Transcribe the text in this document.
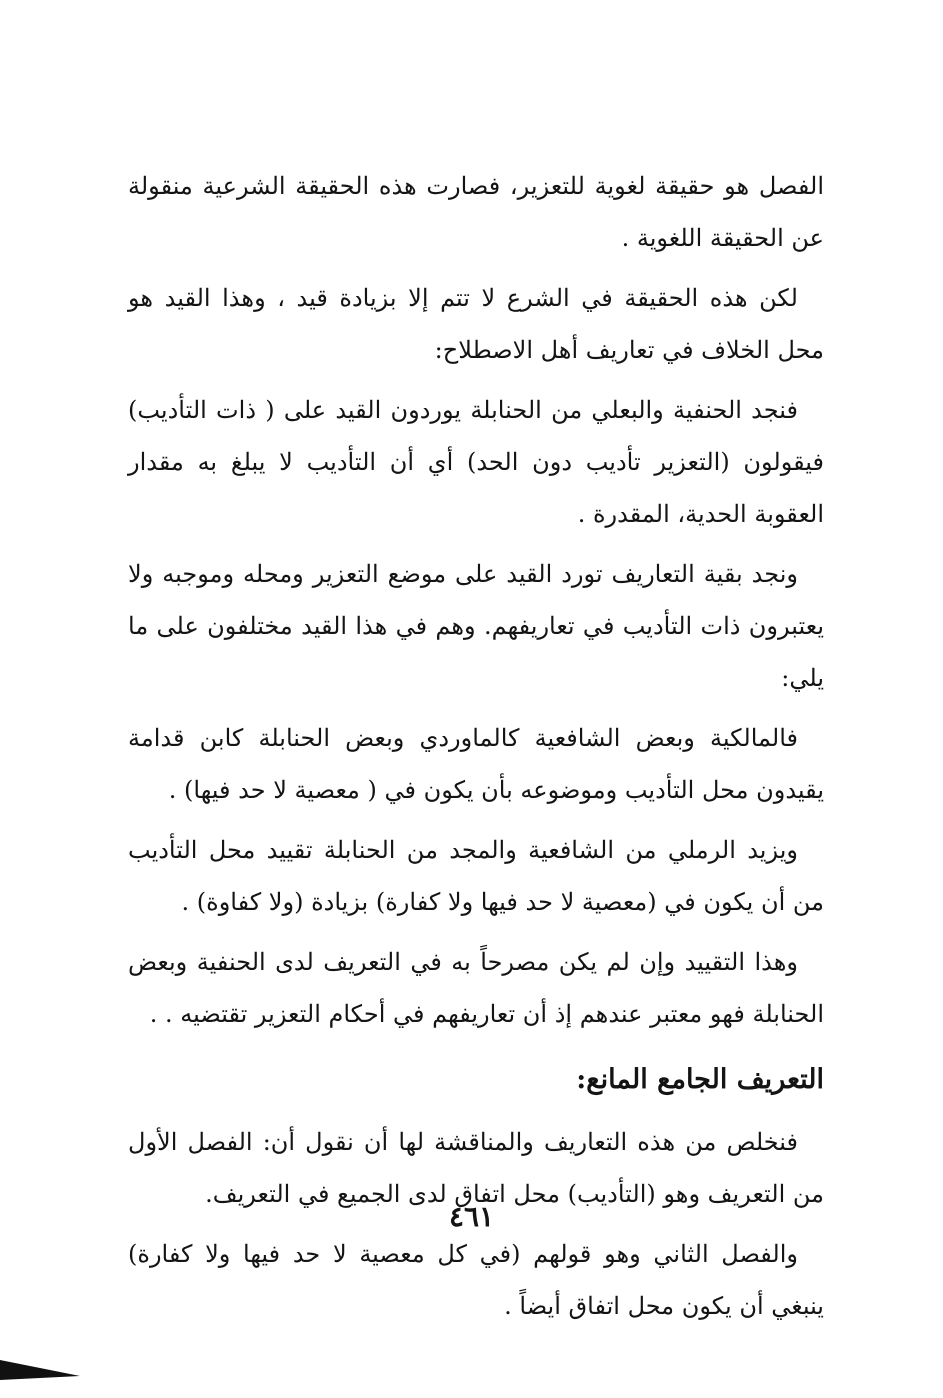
الفصل هو حقيقة لغوية للتعزير، فصارت هذه الحقيقة الشرعية منقولة عن الحقيقة اللغوية .

لكن هذه الحقيقة في الشرع لا تتم إلا بزيادة قيد ، وهذا القيد هو محل الخلاف في تعاريف أهل الاصطلاح:

فنجد الحنفية والبعلي من الحنابلة يوردون القيد على ( ذات التأديب) فيقولون (التعزير تأديب دون الحد) أي أن التأديب لا يبلغ به مقدار العقوبة الحدية، المقدرة .

ونجد بقية التعاريف تورد القيد على موضع التعزير ومحله وموجبه ولا يعتبرون ذات التأديب في تعاريفهم. وهم في هذا القيد مختلفون على ما يلي:

فالمالكية وبعض الشافعية كالماوردي وبعض الحنابلة كابن قدامة يقيدون محل التأديب وموضوعه بأن يكون في ( معصية لا حد فيها) .

ويزيد الرملي من الشافعية والمجد من الحنابلة تقييد محل التأديب من أن يكون في (معصية لا حد فيها ولا كفارة) بزيادة (ولا كفاوة) .

وهذا التقييد وإن لم يكن مصرحاً به في التعريف لدى الحنفية وبعض الحنابلة فهو معتبر عندهم إذ أن تعاريفهم في أحكام التعزير تقتضيه . .

التعريف الجامع المانع:

فنخلص من هذه التعاريف والمناقشة لها أن نقول أن: الفصل الأول من التعريف وهو (التأديب) محل اتفاق لدى الجميع في التعريف.

والفصل الثاني وهو قولهم (في كل معصية لا حد فيها ولا كفارة) ينبغي أن يكون محل اتفاق أيضاً .

٤٦١
